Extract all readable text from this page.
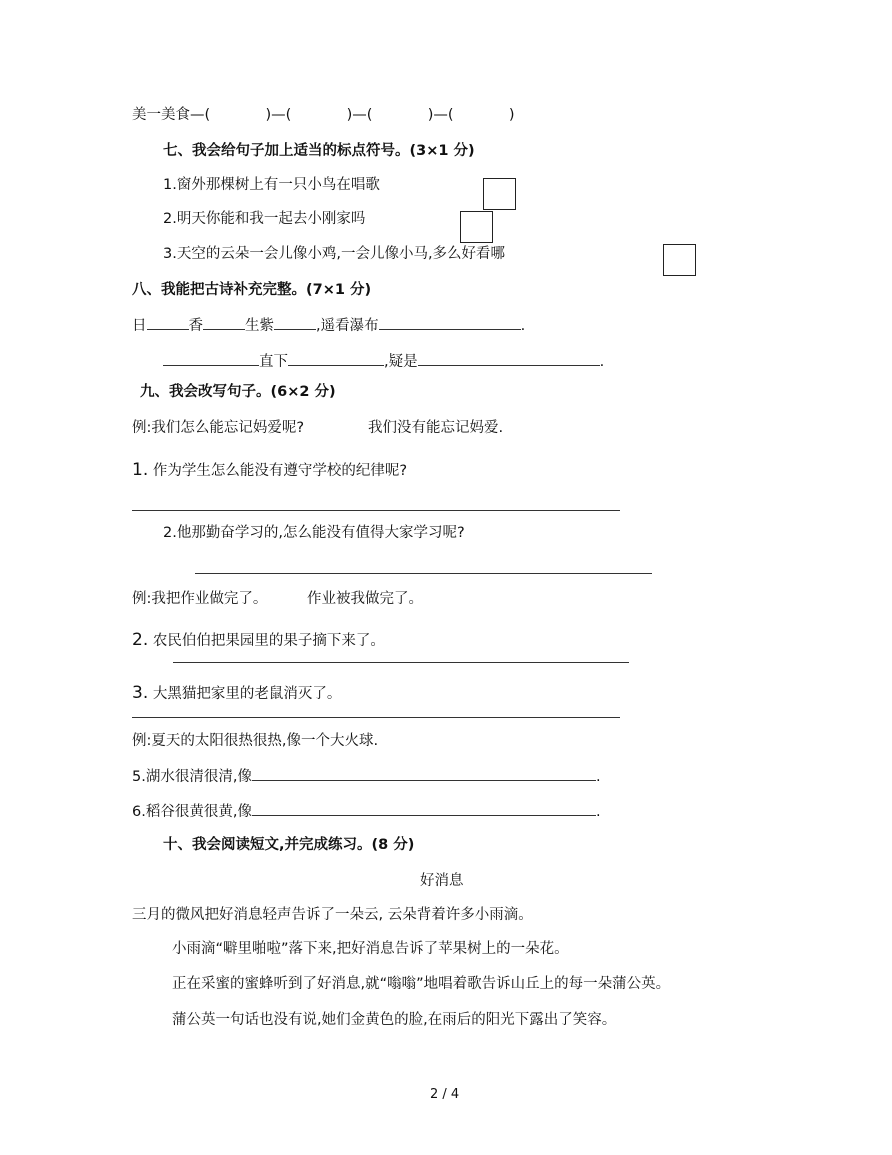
美一美食—(            )—(            )—(            )—(            )
七、我会给句子加上适当的标点符号。(3×1 分)
1.窗外那棵树上有一只小鸟在唱歌
2.明天你能和我一起去小刚家吗
3.天空的云朵一会儿像小鸡,一会儿像小马,多么好看哪
八、我能把古诗补充完整。(7×1 分)
日	香	生紫	,遥看瀑布	.
直下	,疑是	.
九、我会改写句子。(6×2 分)
例:我们怎么能忘记妈爱呢?	我们没有能忘记妈爱.
1. 作为学生怎么能没有遵守学校的纪律呢?
2.他那勤奋学习的,怎么能没有值得大家学习呢?
例:我把作业做完了。	作业被我做完了。
2. 农民伯伯把果园里的果子摘下来了。
3. 大黑猫把家里的老鼠消灭了。
例:夏天的太阳很热很热,像一个大火球.
5.湖水很清很清,像	.
6.稻谷很黄很黄,像	.
十、我会阅读短文,并完成练习。(8 分)
好消息
三月的微风把好消息轻声告诉了一朵云, 云朵背着许多小雨滴。
小雨滴“噼里啪啦”落下来,把好消息告诉了苹果树上的一朵花。
正在采蜜的蜜蜂听到了好消息,就“嗡嗡”地唱着歌告诉山丘上的每一朵蒲公英。
蒲公英一句话也没有说,她们金黄色的脸,在雨后的阳光下露出了笑容。
2 / 4
